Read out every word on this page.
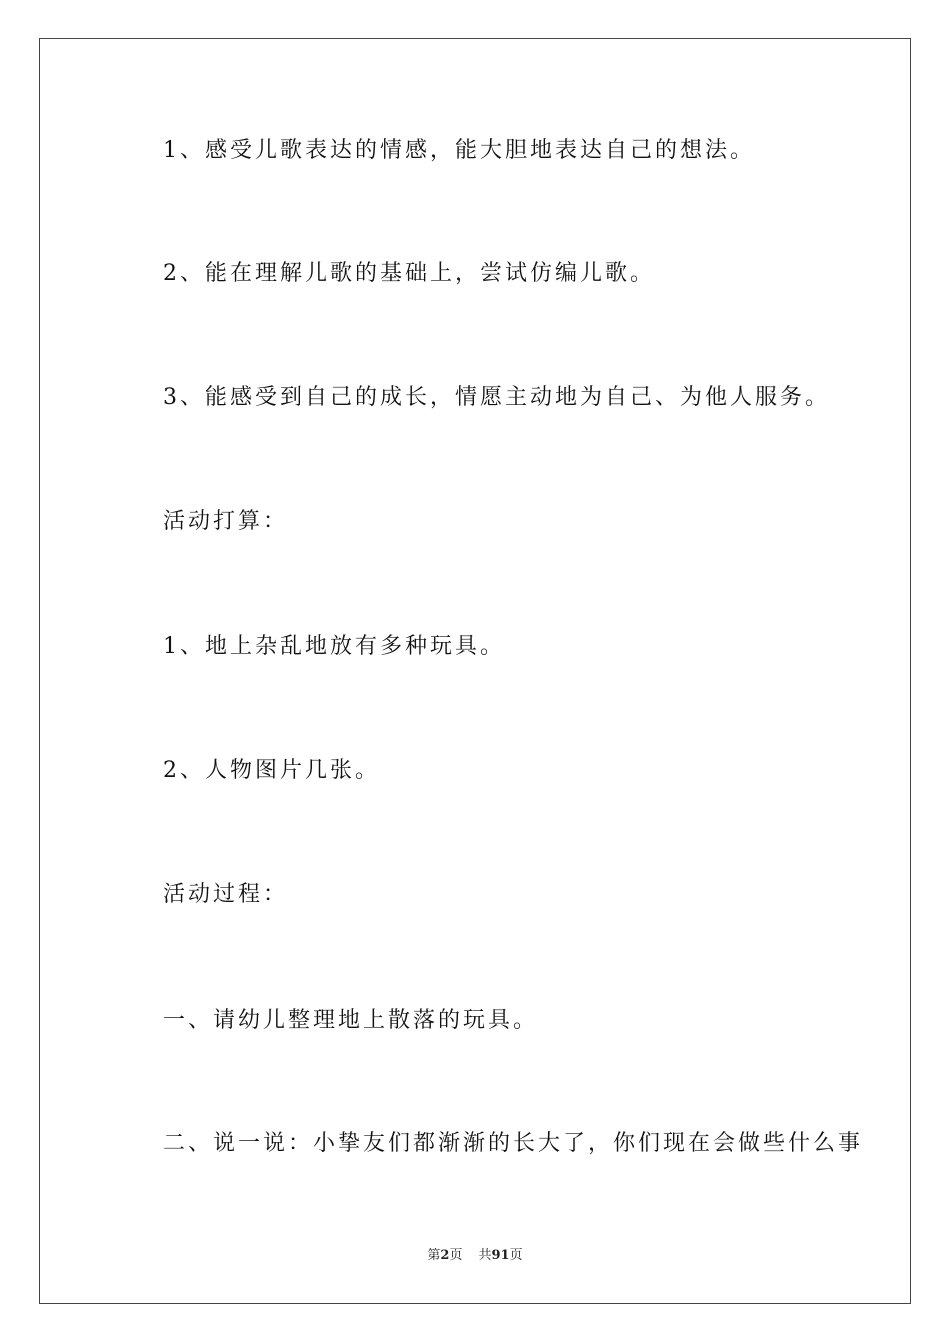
1、感受儿歌表达的情感，能大胆地表达自己的想法。

2、能在理解儿歌的基础上，尝试仿编儿歌。

3、能感受到自己的成长，情愿主动地为自己、为他人服务。

活动打算：

1、地上杂乱地放有多种玩具。

2、人物图片几张。

活动过程：

一、请幼儿整理地上散落的玩具。

二、说一说：小挚友们都渐渐的长大了，你们现在会做些什么事

第2页 共91页
